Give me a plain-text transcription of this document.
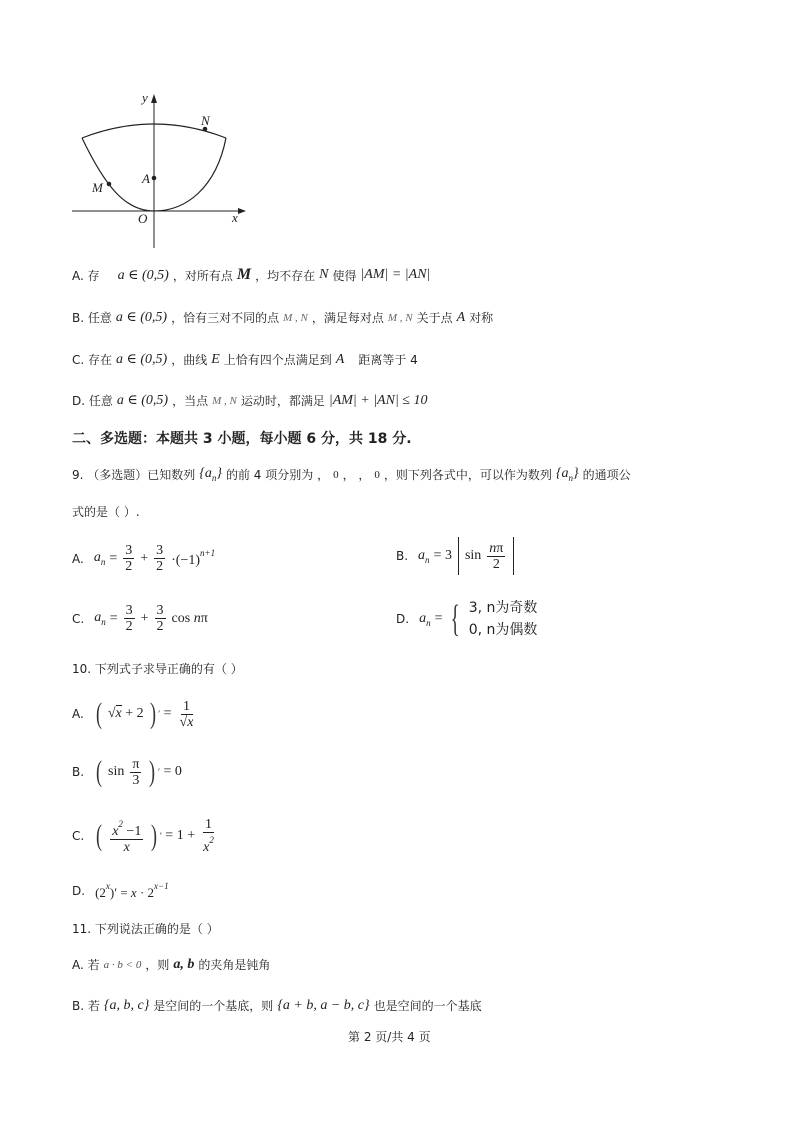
y
x
O
M
N
A
A. 存 a ∈ (0,5) ，对所有点 M ，均不存在 N 使得 |AM| = |AN|
B. 任意 a ∈ (0,5) ，恰有三对不同的点 M , N ，满足每对点 M , N 关于点 A 对称
C. 存在 a ∈ (0,5) ，曲线 E 上恰有四个点满足到 A 距离等于 4
D. 任意 a ∈ (0,5) ，当点 M , N 运动时，都满足 |AM| + |AN| ≤ 10
二、多选题：本题共 3 小题，每小题 6 分，共 18 分.
9. （多选题）已知数列 $\{a_n\}$ 的前 4 项分别为 ， 0 ， ， 0 ，则下列各式中，可以作为数列 $\{a_n\}$ 的通项公
式的是（ ）.
A. $a_n = \frac{3}{2} + \frac{3}{2} \cdot(-1)^{n+1}$	B. $a_n = 3$ $\sin \frac{n\pi}{2}$
C. $a_n = \frac{3}{2} + \frac{3}{2}$ cos nπ	D. $a_n$ = { 3, n为奇数
0, n为偶数
10. 下列式子求导正确的有（ ）
A. ( √x + 2 ) ′ = $\frac{1}{√x}$
B. ( $\sin \frac{\pi}{3}$ ) ′ = 0
C. ( $\frac{x^2 -1}{x}$ ) ′ = $1 + \frac{1}{x^2}$
D. $(2^x)' = x \cdot 2^{x-1}$
11. 下列说法正确的是（ ）
A. 若 a · b < 0 ，则 a, b 的夹角是钝角
B. 若 {a, b, c} 是空间的一个基底，则 {a + b, a − b, c} 也是空间的一个基底
第 2 页/共 4 页
